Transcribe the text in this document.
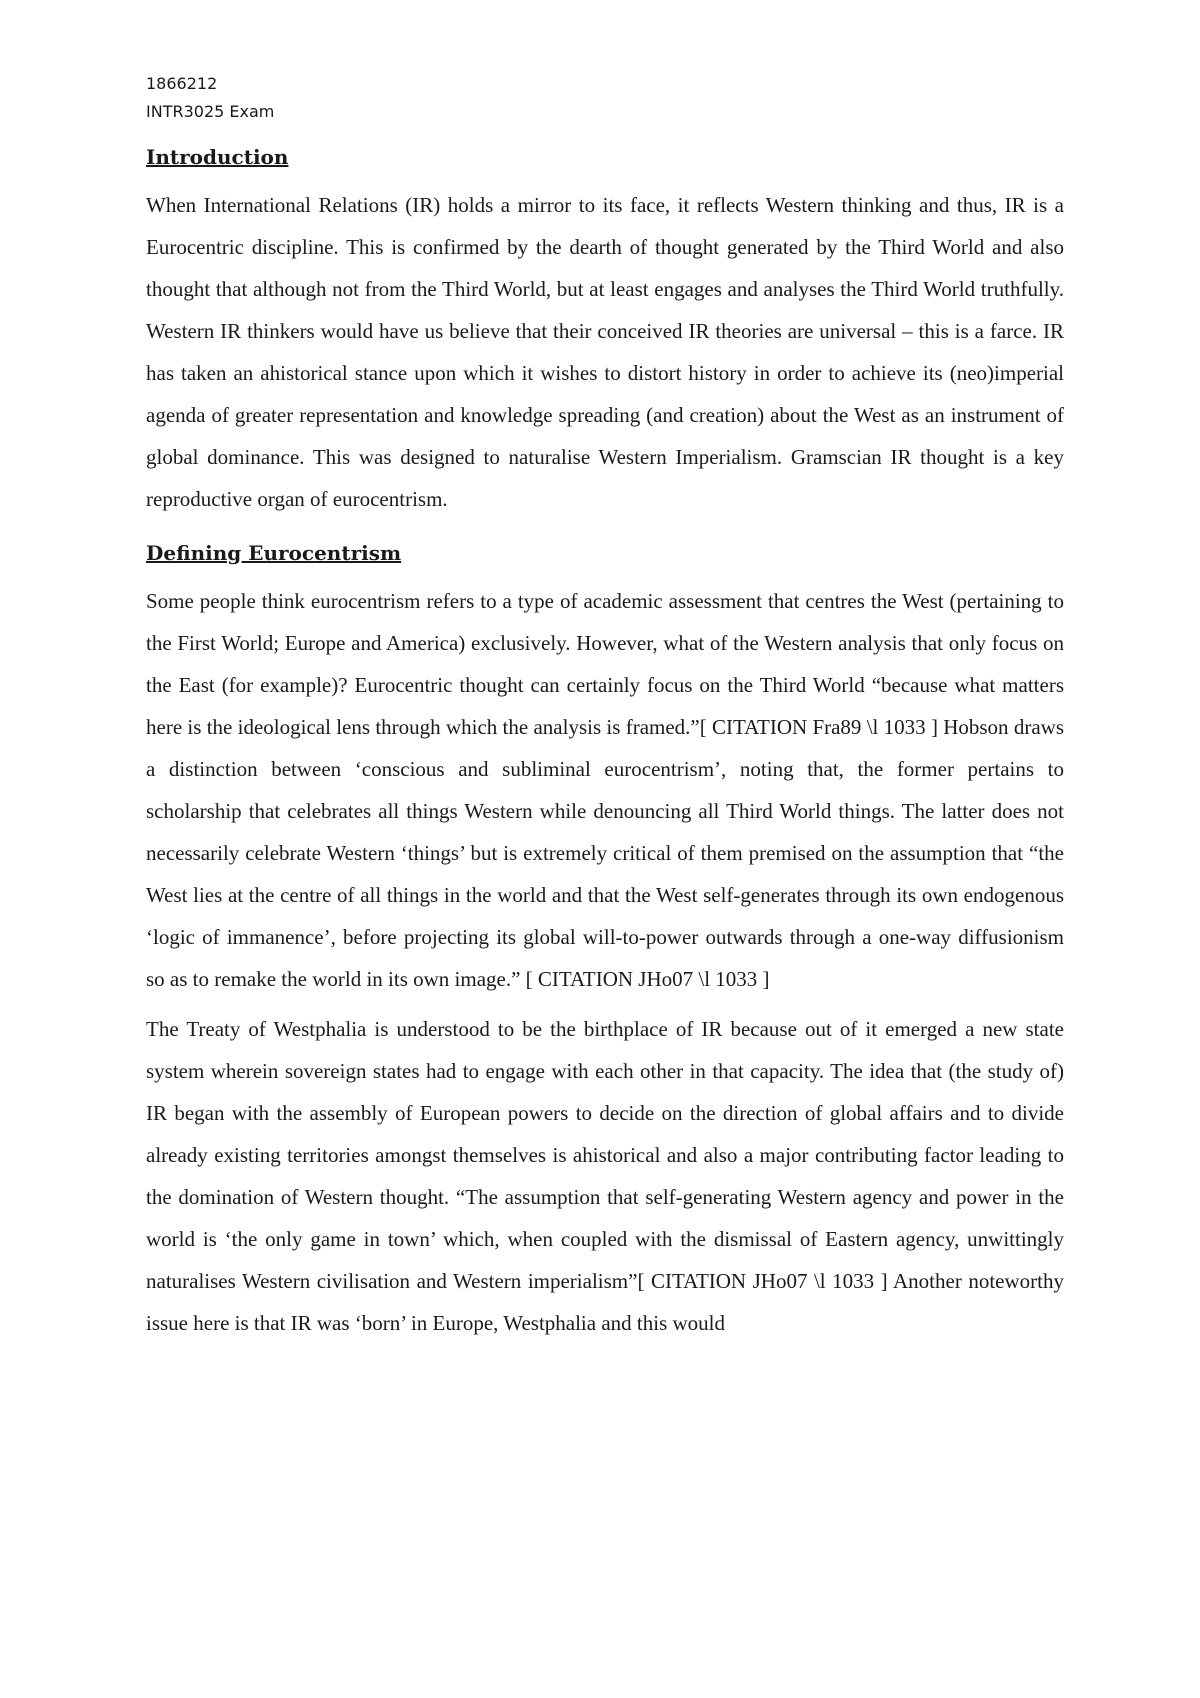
1866212

INTR3025 Exam

Introduction

When International Relations (IR) holds a mirror to its face, it reflects Western thinking and thus, IR is a Eurocentric discipline. This is confirmed by the dearth of thought generated by the Third World and also thought that although not from the Third World, but at least engages and analyses the Third World truthfully. Western IR thinkers would have us believe that their conceived IR theories are universal – this is a farce. IR has taken an ahistorical stance upon which it wishes to distort history in order to achieve its (neo)imperial agenda of greater representation and knowledge spreading (and creation) about the West as an instrument of global dominance. This was designed to naturalise Western Imperialism. Gramscian IR thought is a key reproductive organ of eurocentrism.

Defining Eurocentrism

Some people think eurocentrism refers to a type of academic assessment that centres the West (pertaining to the First World; Europe and America) exclusively. However, what of the Western analysis that only focus on the East (for example)? Eurocentric thought can certainly focus on the Third World “because what matters here is the ideological lens through which the analysis is framed.”[ CITATION Fra89 \l 1033 ] Hobson draws a distinction between ‘conscious and subliminal eurocentrism’, noting that, the former pertains to scholarship that celebrates all things Western while denouncing all Third World things. The latter does not necessarily celebrate Western ‘things’ but is extremely critical of them premised on the assumption that “the West lies at the centre of all things in the world and that the West self-generates through its own endogenous ‘logic of immanence’, before projecting its global will-to-power outwards through a one-way diffusionism so as to remake the world in its own image.” [ CITATION JHo07 \l 1033 ]

The Treaty of Westphalia is understood to be the birthplace of IR because out of it emerged a new state system wherein sovereign states had to engage with each other in that capacity. The idea that (the study of) IR began with the assembly of European powers to decide on the direction of global affairs and to divide already existing territories amongst themselves is ahistorical and also a major contributing factor leading to the domination of Western thought. “The assumption that self-generating Western agency and power in the world is ‘the only game in town’ which, when coupled with the dismissal of Eastern agency, unwittingly naturalises Western civilisation and Western imperialism”[ CITATION JHo07 \l 1033 ] Another noteworthy issue here is that IR was ‘born’ in Europe, Westphalia and this would
